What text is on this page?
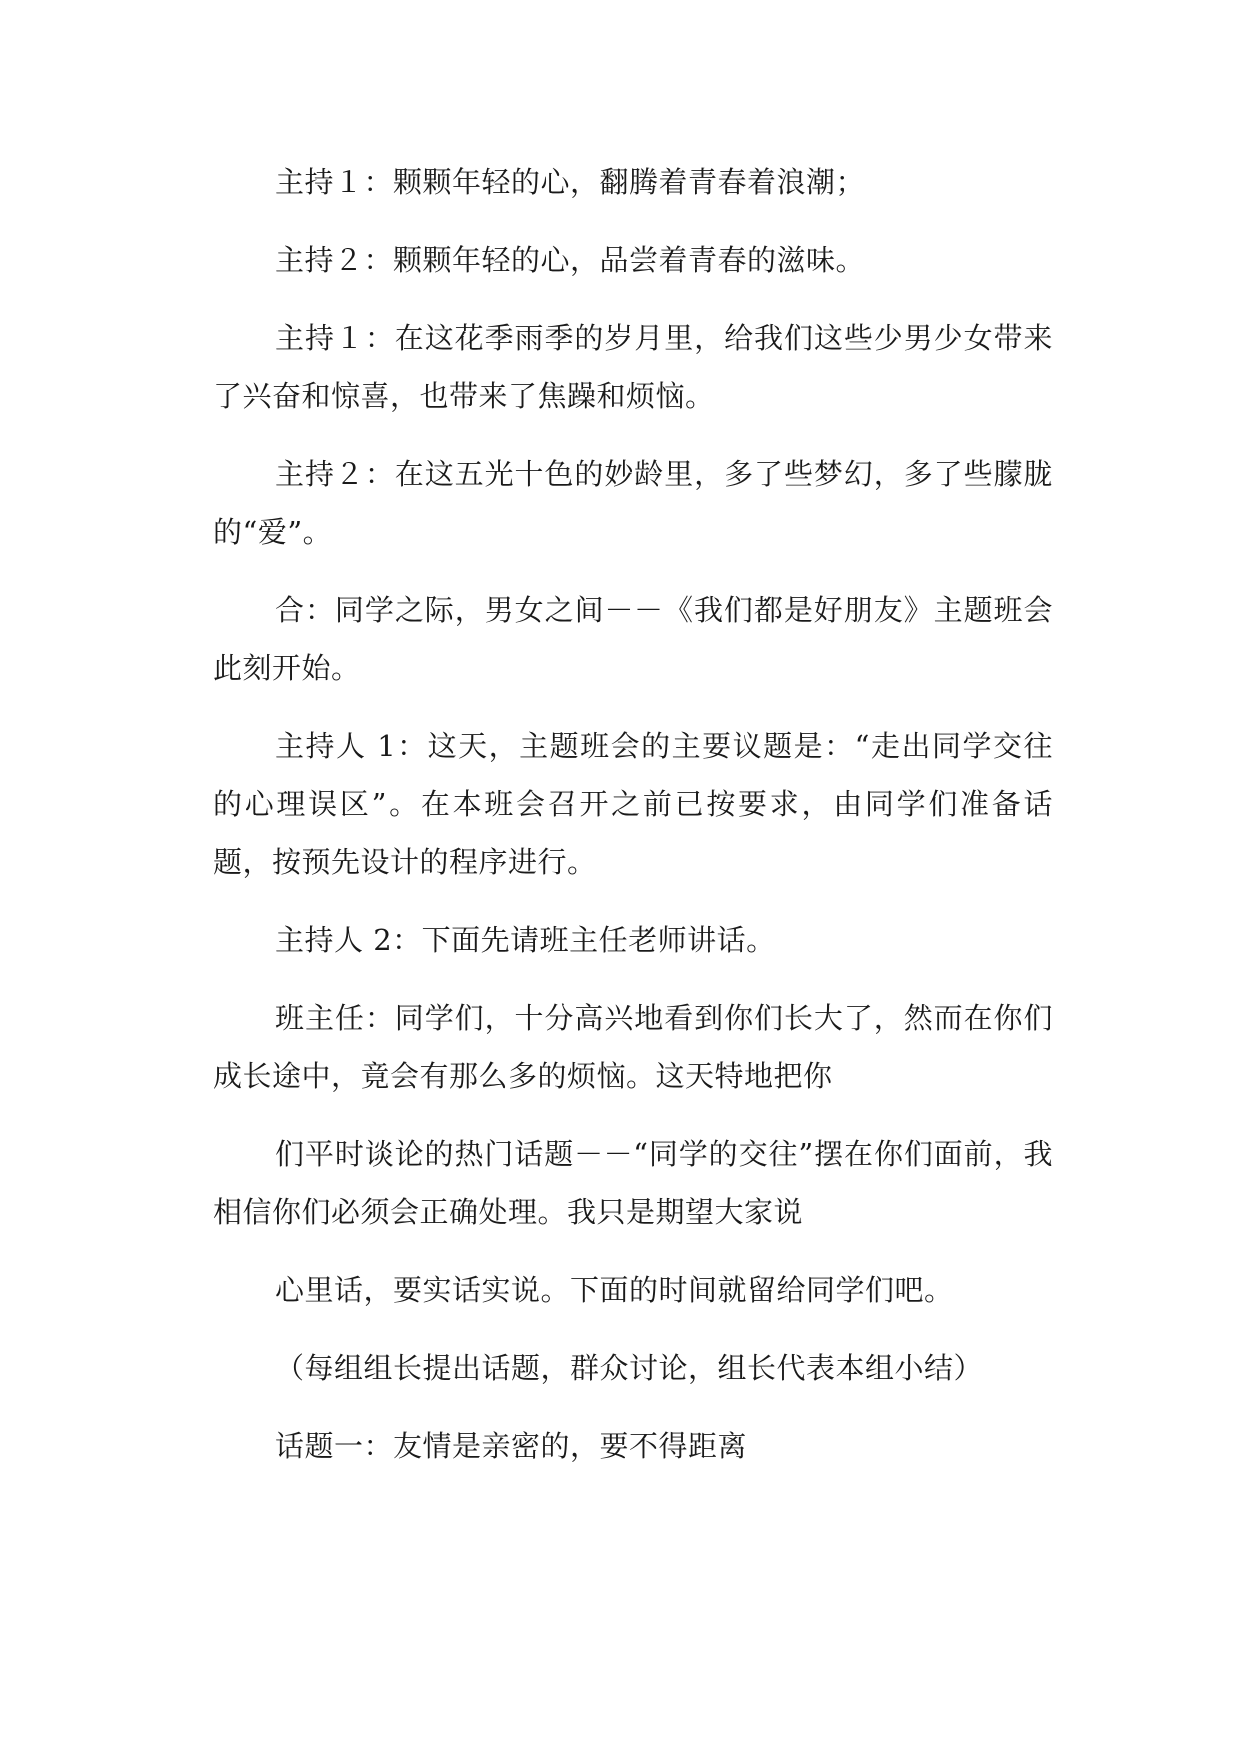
主持１：颗颗年轻的心，翻腾着青春着浪潮；

主持２：颗颗年轻的心，品尝着青春的滋味。

主持１：在这花季雨季的岁月里，给我们这些少男少女带来了兴奋和惊喜，也带来了焦躁和烦恼。

主持２：在这五光十色的妙龄里，多了些梦幻，多了些朦胧的“爱”。

合：同学之际，男女之间－－《我们都是好朋友》主题班会此刻开始。

主持人 1：这天，主题班会的主要议题是：“走出同学交往的心理误区”。在本班会召开之前已按要求，由同学们准备话题，按预先设计的程序进行。

主持人 2：下面先请班主任老师讲话。

班主任：同学们，十分高兴地看到你们长大了，然而在你们成长途中，竟会有那么多的烦恼。这天特地把你

们平时谈论的热门话题－－“同学的交往”摆在你们面前，我相信你们必须会正确处理。我只是期望大家说

心里话，要实话实说。下面的时间就留给同学们吧。

（每组组长提出话题，群众讨论，组长代表本组小结）

话题一：友情是亲密的，要不得距离
